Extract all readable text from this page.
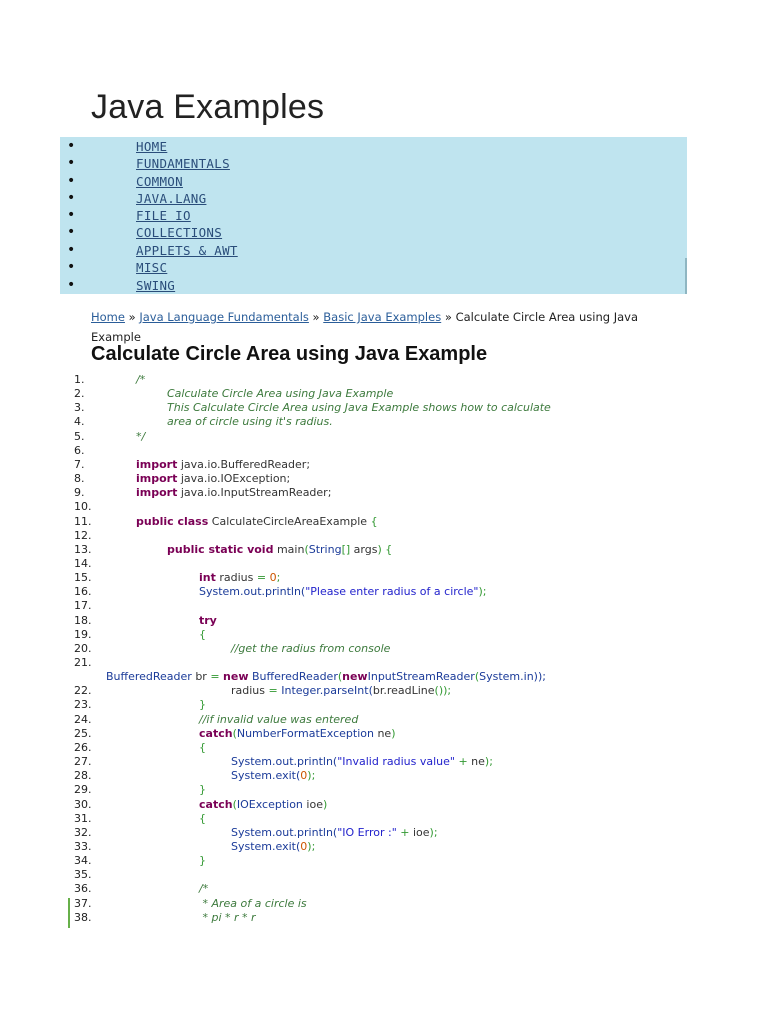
Java Examples
•	HOME
•	FUNDAMENTALS
•	COMMON
•	JAVA.LANG
•	FILE IO
•	COLLECTIONS
•	APPLETS & AWT
•	MISC
•	SWING
Home » Java Language Fundamentals » Basic Java Examples » Calculate Circle Area using Java
Example
Calculate Circle Area using Java Example
1.	/*
2.	Calculate Circle Area using Java Example
3.	This Calculate Circle Area using Java Example shows how to calculate
4.	area of circle using it's radius.
5.	*/
6.
7.	import java.io.BufferedReader;
8.	import java.io.IOException;
9.	import java.io.InputStreamReader;
10.
11.	public class CalculateCircleAreaExample {
12.
13.	public static void main(String[] args) {
14.
15.	int radius = 0;
16.	System.out.println("Please enter radius of a circle");
17.
18.	try
19.	{
20.	//get the radius from console
21.
BufferedReader br = new BufferedReader(newInputStreamReader(System.in));
22.	radius = Integer.parseInt(br.readLine());
23.	}
24.	//if invalid value was entered
25.	catch(NumberFormatException ne)
26.	{
27.	System.out.println("Invalid radius value" + ne);
28.	System.exit(0);
29.	}
30.	catch(IOException ioe)
31.	{
32.	System.out.println("IO Error :" + ioe);
33.	System.exit(0);
34.	}
35.
36.	/*
37.	* Area of a circle is
38.	* pi * r * r
